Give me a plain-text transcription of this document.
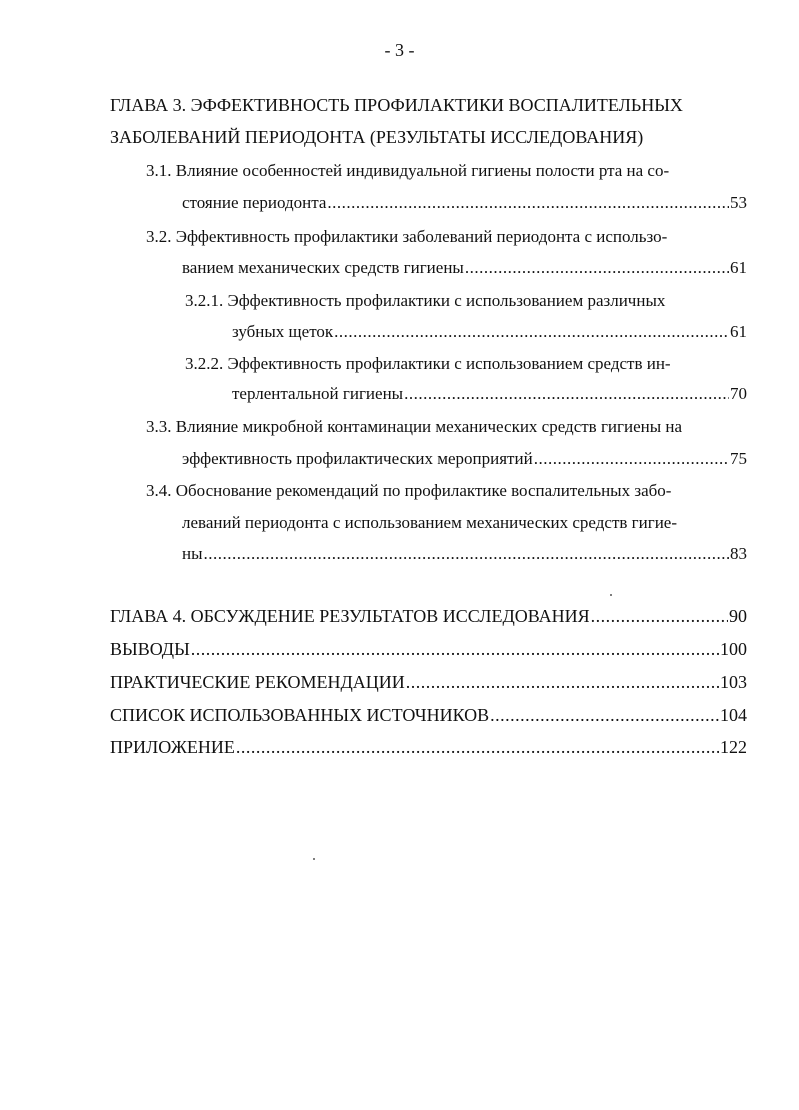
- 3 -
ГЛАВА 3. ЭФФЕКТИВНОСТЬ ПРОФИЛАКТИКИ ВОСПАЛИТЕЛЬНЫХ
ЗАБОЛЕВАНИЙ ПЕРИОДОНТА (РЕЗУЛЬТАТЫ ИССЛЕДОВАНИЯ)
3.1. Влияние особенностей индивидуальной гигиены полости рта на со-
стояние периодонта .....	53
3.2. Эффективность профилактики заболеваний периодонта с использо-
ванием механических средств гигиены .....	61
3.2.1. Эффективность профилактики с использованием различных
зубных щеток .....	61
3.2.2. Эффективность профилактики с использованием средств ин-
терлентальной гигиены .....	70
3.3. Влияние микробной контаминации механических средств гигиены на
эффективность профилактических мероприятий .....	75
3.4. Обоснование рекомендаций по профилактике воспалительных забо-
леваний периодонта с использованием механических средств гигие-
ны .....	83
ГЛАВА 4. ОБСУЖДЕНИЕ РЕЗУЛЬТАТОВ ИССЛЕДОВАНИЯ .....	90
ВЫВОДЫ .....	100
ПРАКТИЧЕСКИЕ РЕКОМЕНДАЦИИ .....	103
СПИСОК ИСПОЛЬЗОВАННЫХ ИСТОЧНИКОВ .....	104
ПРИЛОЖЕНИЕ .....	122
